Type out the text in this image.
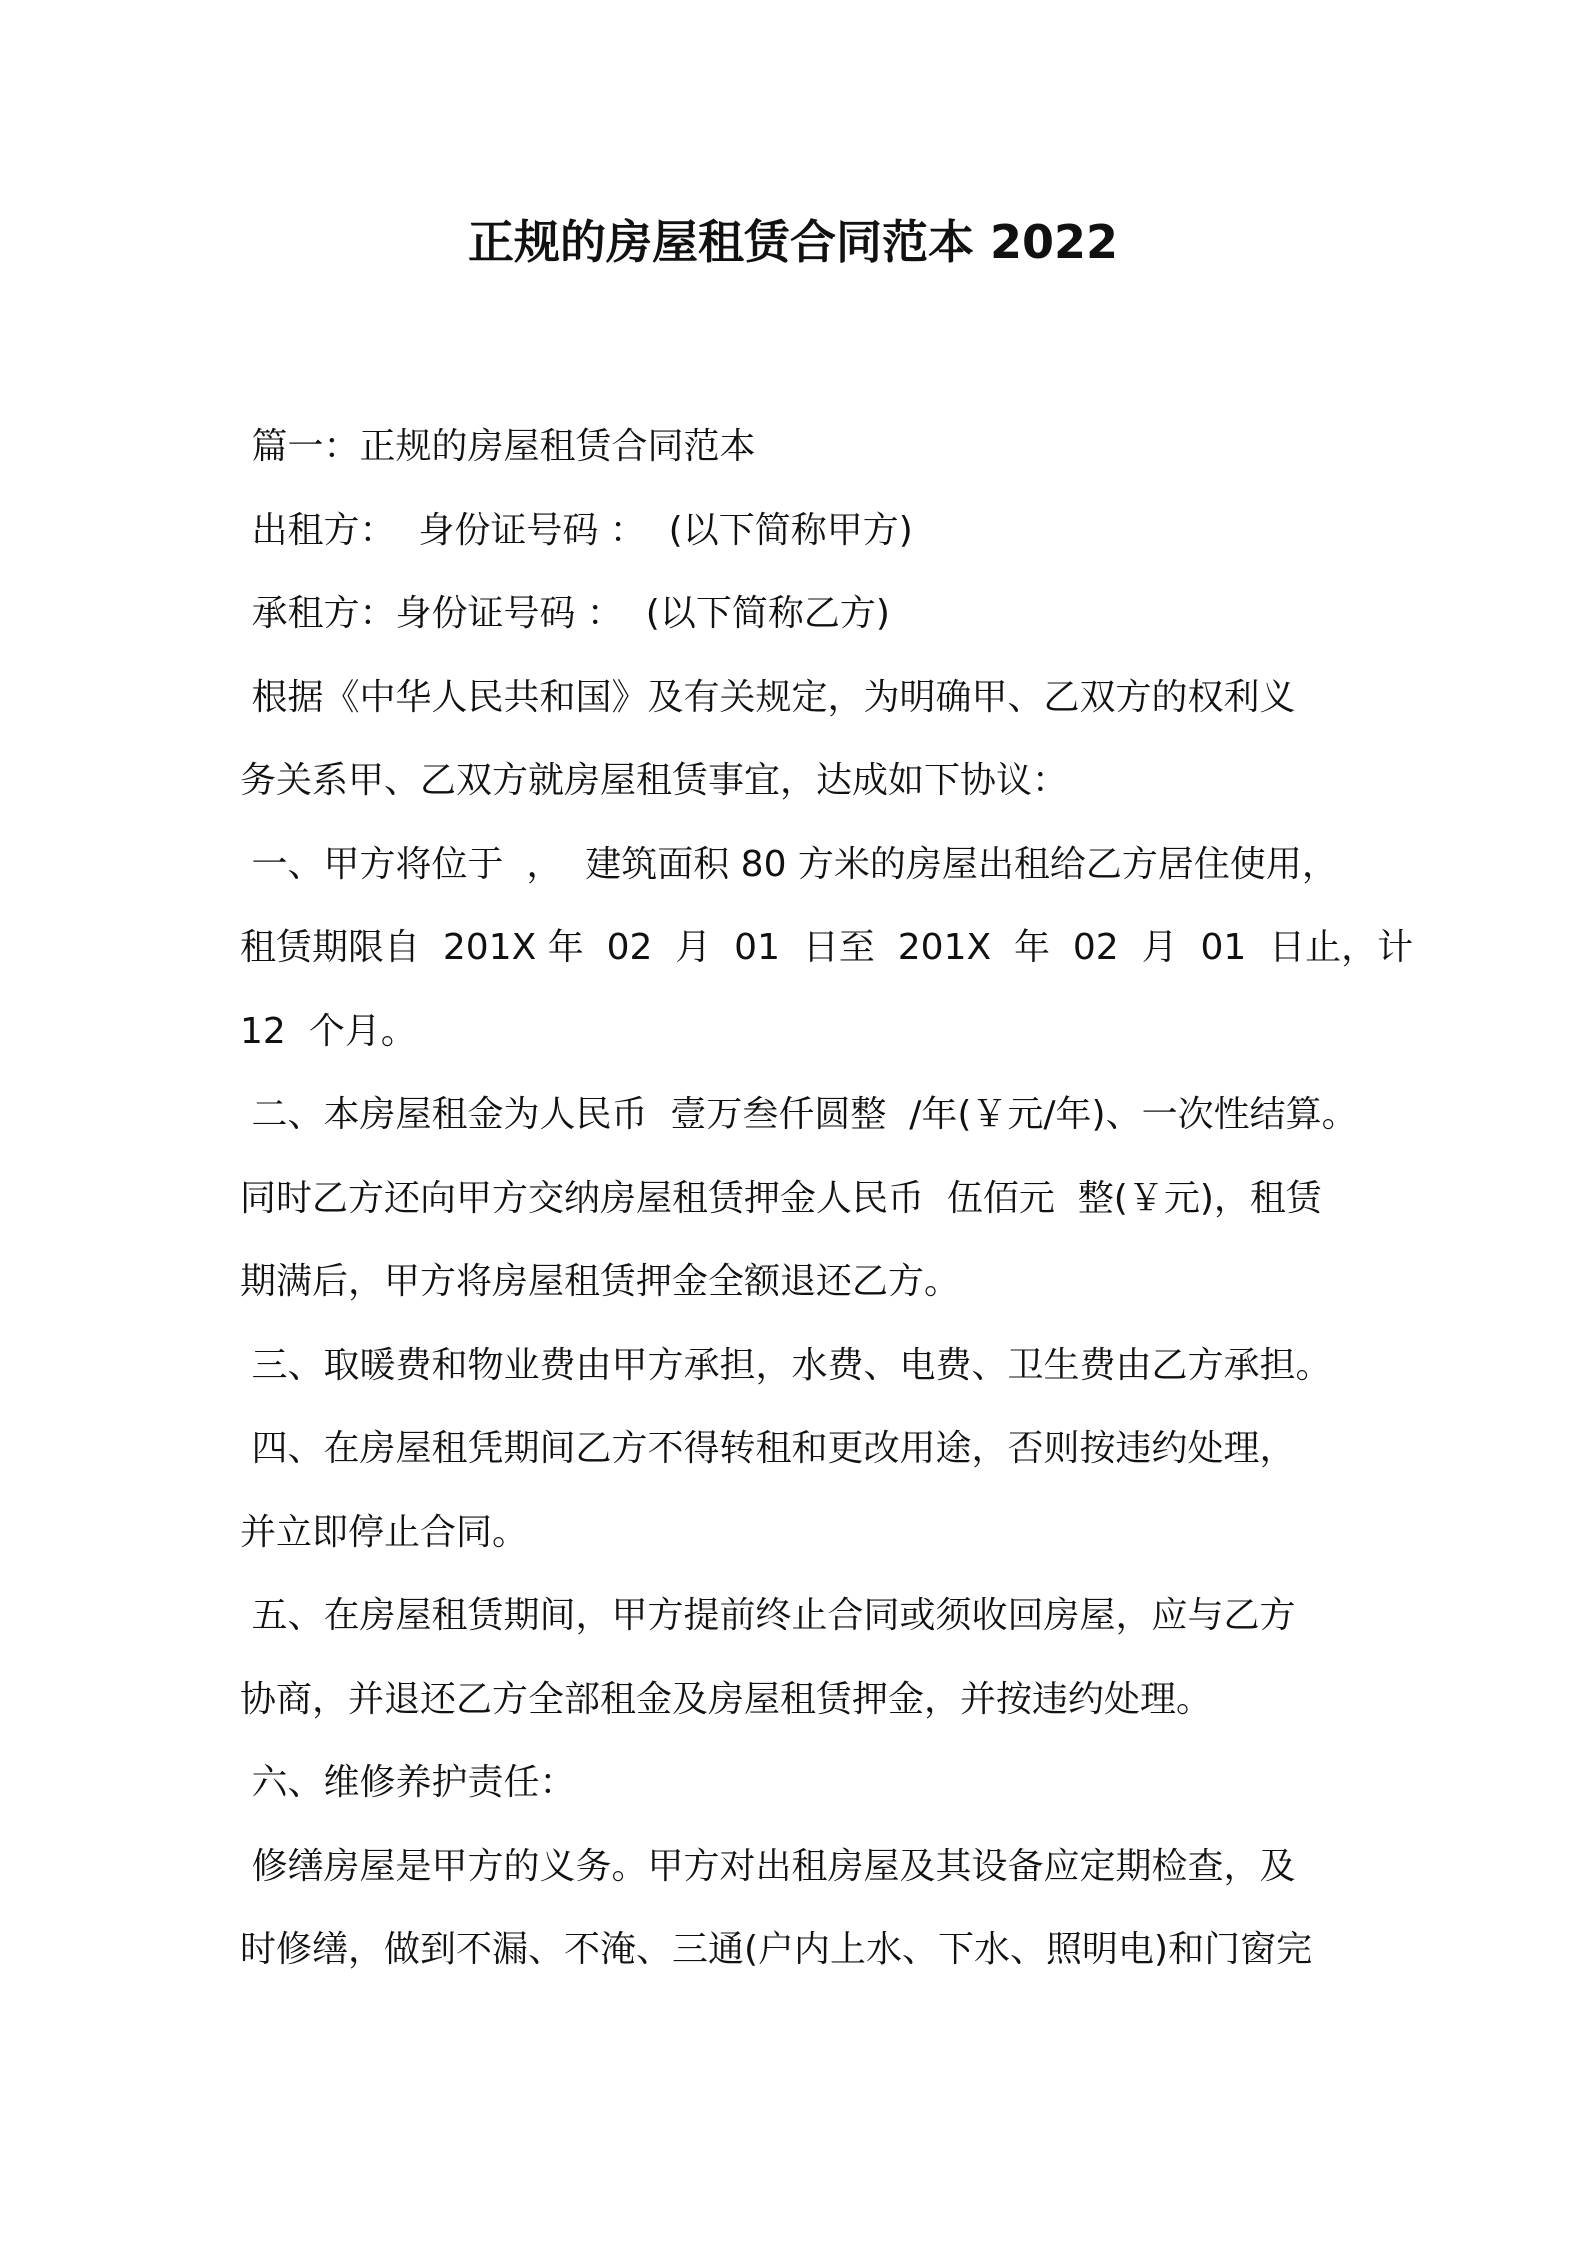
正规的房屋租赁合同范本 2022
篇一：正规的房屋租赁合同范本
出租方：  身份证号码 ：  (以下简称甲方)
承租方：身份证号码 ：  (以下简称乙方)
根据《中华人民共和国》及有关规定，为明确甲、乙双方的权利义
务关系甲、乙双方就房屋租赁事宜，达成如下协议：
一、甲方将位于  ，  建筑面积 80 方米的房屋出租给乙方居住使用，
租赁期限自  201X 年  02  月  01  日至  201X  年  02  月  01  日止，计
12  个月。
二、本房屋租金为人民币  壹万叁仟圆整  /年(￥元/年)、一次性结算。
同时乙方还向甲方交纳房屋租赁押金人民币  伍佰元  整(￥元)，租赁
期满后，甲方将房屋租赁押金全额退还乙方。
三、取暖费和物业费由甲方承担，水费、电费、卫生费由乙方承担。
四、在房屋租凭期间乙方不得转租和更改用途，否则按违约处理，
并立即停止合同。
五、在房屋租赁期间，甲方提前终止合同或须收回房屋，应与乙方
协商，并退还乙方全部租金及房屋租赁押金，并按违约处理。
六、维修养护责任：
修缮房屋是甲方的义务。甲方对出租房屋及其设备应定期检查，及
时修缮，做到不漏、不淹、三通(户内上水、下水、照明电)和门窗完
